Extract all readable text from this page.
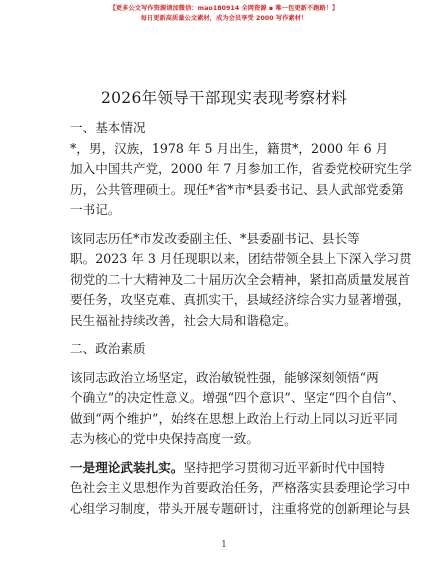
【更多公文写作资源请加微信：mao180914 全网资源 ▪ 唯一包更新不跑路！】
每日更新高质量公文素材，成为会员享受 2000 写作素材！
2026年领导干部现实表现考察材料
一、基本情况
*，男，汉族，1978 年 5 月出生，籍贯*，2000 年 6 月
加入中国共产党，2000 年 7 月参加工作，省委党校研究生学
历，公共管理硕士。现任*省*市*县委书记、县人武部党委第
一书记。
该同志历任*市发改委副主任、*县委副书记、县长等
职。2023 年 3 月任现职以来，团结带领全县上下深入学习贯
彻党的二十大精神及二十届历次全会精神，紧扣高质量发展首
要任务，攻坚克难、真抓实干，县域经济综合实力显著增强，
民生福祉持续改善，社会大局和谐稳定。
二、政治素质
该同志政治立场坚定，政治敏锐性强，能够深刻领悟“两
个确立”的决定性意义。增强“四个意识”、坚定“四个自信”、
做到“两个维护”，始终在思想上政治上行动上同以习近平同
志为核心的党中央保持高度一致。
一是理论武装扎实。坚持把学习贯彻习近平新时代中国特
色社会主义思想作为首要政治任务，严格落实县委理论学习中
心组学习制度，带头开展专题研讨，注重将党的创新理论与县
1
